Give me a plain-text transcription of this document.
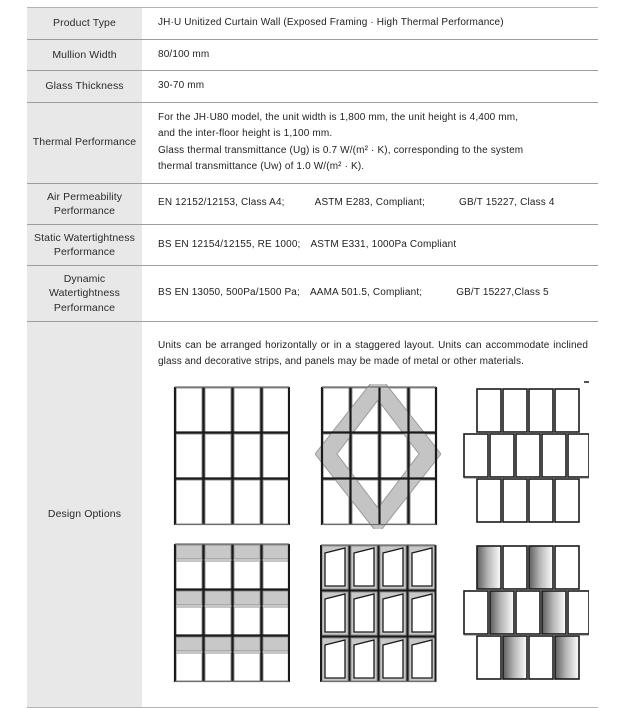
Product Type	JH·U Unitized Curtain Wall (Exposed Framing · High Thermal Performance)
Mullion Width	80/100 mm
Glass Thickness	30-70 mm
Thermal Performance	For the JH·U80 model, the unit width is 1,800 mm, the unit height is 4,400 mm,
and the inter-floor height is 1,100 mm.
Glass thermal transmittance (Ug) is 0.7 W/(m² · K), corresponding to the system
thermal transmittance (Uw) of 1.0 W/(m² · K).

Air Permeability Performance	EN 12152/12153, Class A4; ASTM E283, Compliant; GB/T 15227, Class 4
Static Watertightness Performance	BS EN 12154/12155, RE 1000; ASTM E331, 1000Pa Compliant
Dynamic Watertightness Performance	BS EN 13050, 500Pa/1500 Pa; AAMA 501.5, Compliant; GB/T 15227,Class 5
Design Options	Units can be arranged horizontally or in a staggered layout. Units can accommodate inclined glass and decorative strips, and panels may be made of metal or other materials.
